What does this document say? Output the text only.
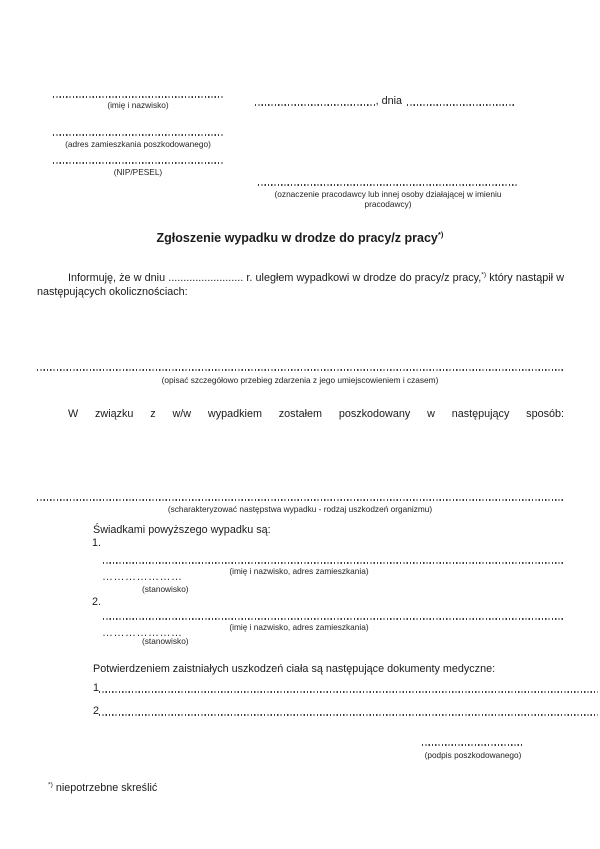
(imię i nazwisko)
(adres zamieszkania poszkodowanego)
(NIP/PESEL)
, dnia
(oznaczenie pracodawcy lub innej osoby działającej w imieniu
pracodawcy)
Zgłoszenie wypadku w drodze do pracy/z pracy*)
Informuję, że w dniu ......................... r. uległem wypadkowi w drodze do pracy/z pracy,*) który nastąpił w
następujących okolicznościach:
(opisać szczegółowo przebieg zdarzenia z jego umiejscowieniem i czasem)
W związku z w/w wypadkiem zostałem poszkodowany w następujący sposób:
(scharakteryzować następstwa wypadku - rodzaj uszkodzeń organizmu)
Świadkami powyższego wypadku są:
1.
(imię i nazwisko, adres zamieszkania)
…………………
(stanowisko)
2.
(imię i nazwisko, adres zamieszkania)
…………………
(stanowisko)
Potwierdzeniem zaistniałych uszkodzeń ciała są następujące dokumenty medyczne:
1
2
(podpis poszkodowanego)
*) niepotrzebne skreślić
